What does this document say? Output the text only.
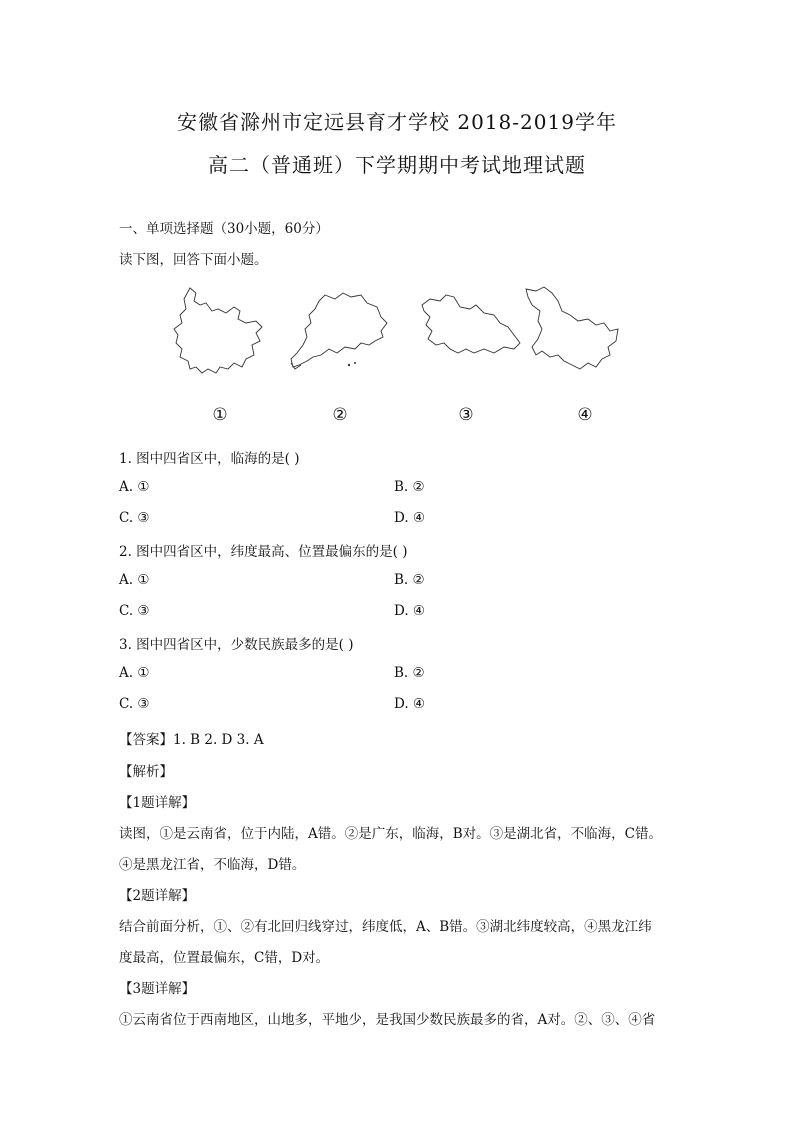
安徽省滁州市定远县育才学校 2018-2019学年
高二（普通班）下学期期中考试地理试题
一、单项选择题（30小题，60分）
读下图，回答下面小题。
①	②	③	④
1. 图中四省区中，临海的是( )
A. ①	B. ②
C. ③	D. ④
2. 图中四省区中，纬度最高、位置最偏东的是( )
A. ①	B. ②
C. ③	D. ④
3. 图中四省区中，少数民族最多的是( )
A. ①	B. ②
C. ③	D. ④
【答案】1. B 2. D 3. A
【解析】
【1题详解】
读图，①是云南省，位于内陆，A错。②是广东，临海，B对。③是湖北省，不临海，C错。
④是黑龙江省，不临海，D错。
【2题详解】
结合前面分析，①、②有北回归线穿过，纬度低，A、B错。③湖北纬度较高，④黑龙江纬
度最高，位置最偏东，C错，D对。
【3题详解】
①云南省位于西南地区，山地多，平地少，是我国少数民族最多的省，A对。②、③、④省
